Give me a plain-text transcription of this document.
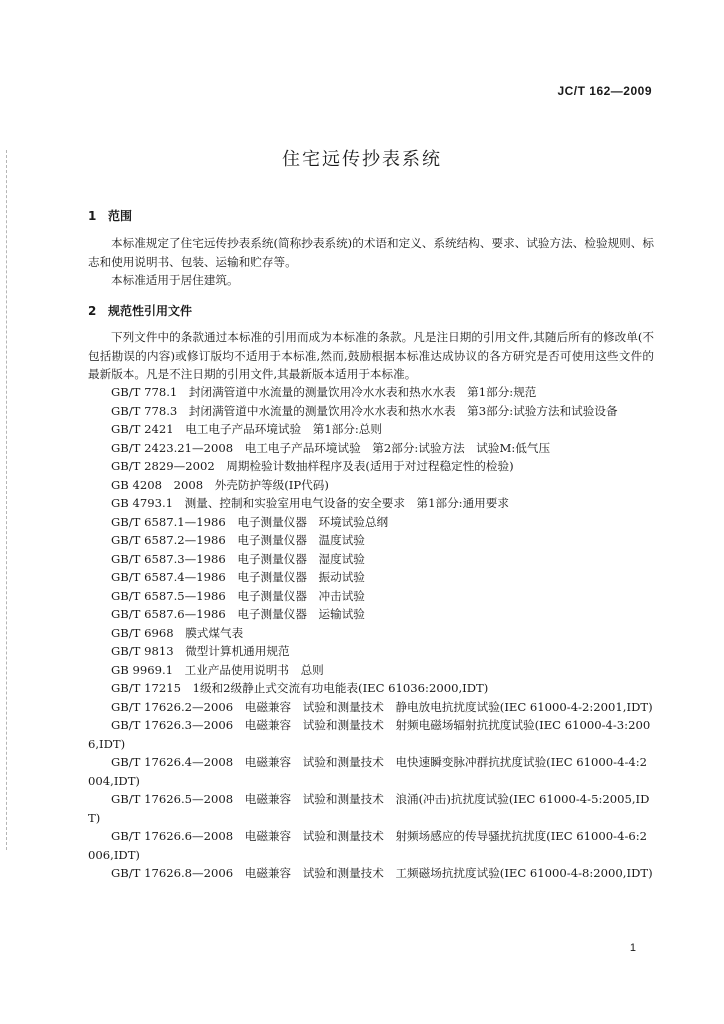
JC/T 162—2009
住宅远传抄表系统
1 范围
本标准规定了住宅远传抄表系统(简称抄表系统)的术语和定义、系统结构、要求、试验方法、检验规则、标志和使用说明书、包装、运输和贮存等。
本标准适用于居住建筑。
2 规范性引用文件
下列文件中的条款通过本标准的引用而成为本标准的条款。凡是注日期的引用文件,其随后所有的修改单(不包括勘误的内容)或修订版均不适用于本标准,然而,鼓励根据本标准达成协议的各方研究是否可使用这些文件的最新版本。凡是不注日期的引用文件,其最新版本适用于本标准。
GB/T 778.1　封闭满管道中水流量的测量饮用冷水水表和热水水表　第1部分:规范
GB/T 778.3　封闭满管道中水流量的测量饮用冷水水表和热水水表　第3部分:试验方法和试验设备
GB/T 2421　电工电子产品环境试验　第1部分:总则
GB/T 2423.21—2008　电工电子产品环境试验　第2部分:试验方法　试验M:低气压
GB/T 2829—2002　周期检验计数抽样程序及表(适用于对过程稳定性的检验)
GB 4208　2008　外壳防护等级(IP代码)
GB 4793.1　测量、控制和实验室用电气设备的安全要求　第1部分:通用要求
GB/T 6587.1—1986　电子测量仪器　环境试验总纲
GB/T 6587.2—1986　电子测量仪器　温度试验
GB/T 6587.3—1986　电子测量仪器　湿度试验
GB/T 6587.4—1986　电子测量仪器　振动试验
GB/T 6587.5—1986　电子测量仪器　冲击试验
GB/T 6587.6—1986　电子测量仪器　运输试验
GB/T 6968　膜式煤气表
GB/T 9813　微型计算机通用规范
GB 9969.1　工业产品使用说明书　总则
GB/T 17215　1级和2级静止式交流有功电能表(IEC 61036:2000,IDT)
GB/T 17626.2—2006　电磁兼容　试验和测量技术　静电放电抗扰度试验(IEC 61000-4-2:2001,IDT)
GB/T 17626.3—2006　电磁兼容　试验和测量技术　射频电磁场辐射抗扰度试验(IEC 61000-4-3:2006,IDT)
GB/T 17626.4—2008　电磁兼容　试验和测量技术　电快速瞬变脉冲群抗扰度试验(IEC 61000-4-4:2004,IDT)
GB/T 17626.5—2008　电磁兼容　试验和测量技术　浪涌(冲击)抗扰度试验(IEC 61000-4-5:2005,IDT)
GB/T 17626.6—2008　电磁兼容　试验和测量技术　射频场感应的传导骚扰抗扰度(IEC 61000-4-6:2006,IDT)
GB/T 17626.8—2006　电磁兼容　试验和测量技术　工频磁场抗扰度试验(IEC 61000-4-8:2000,IDT)
1
